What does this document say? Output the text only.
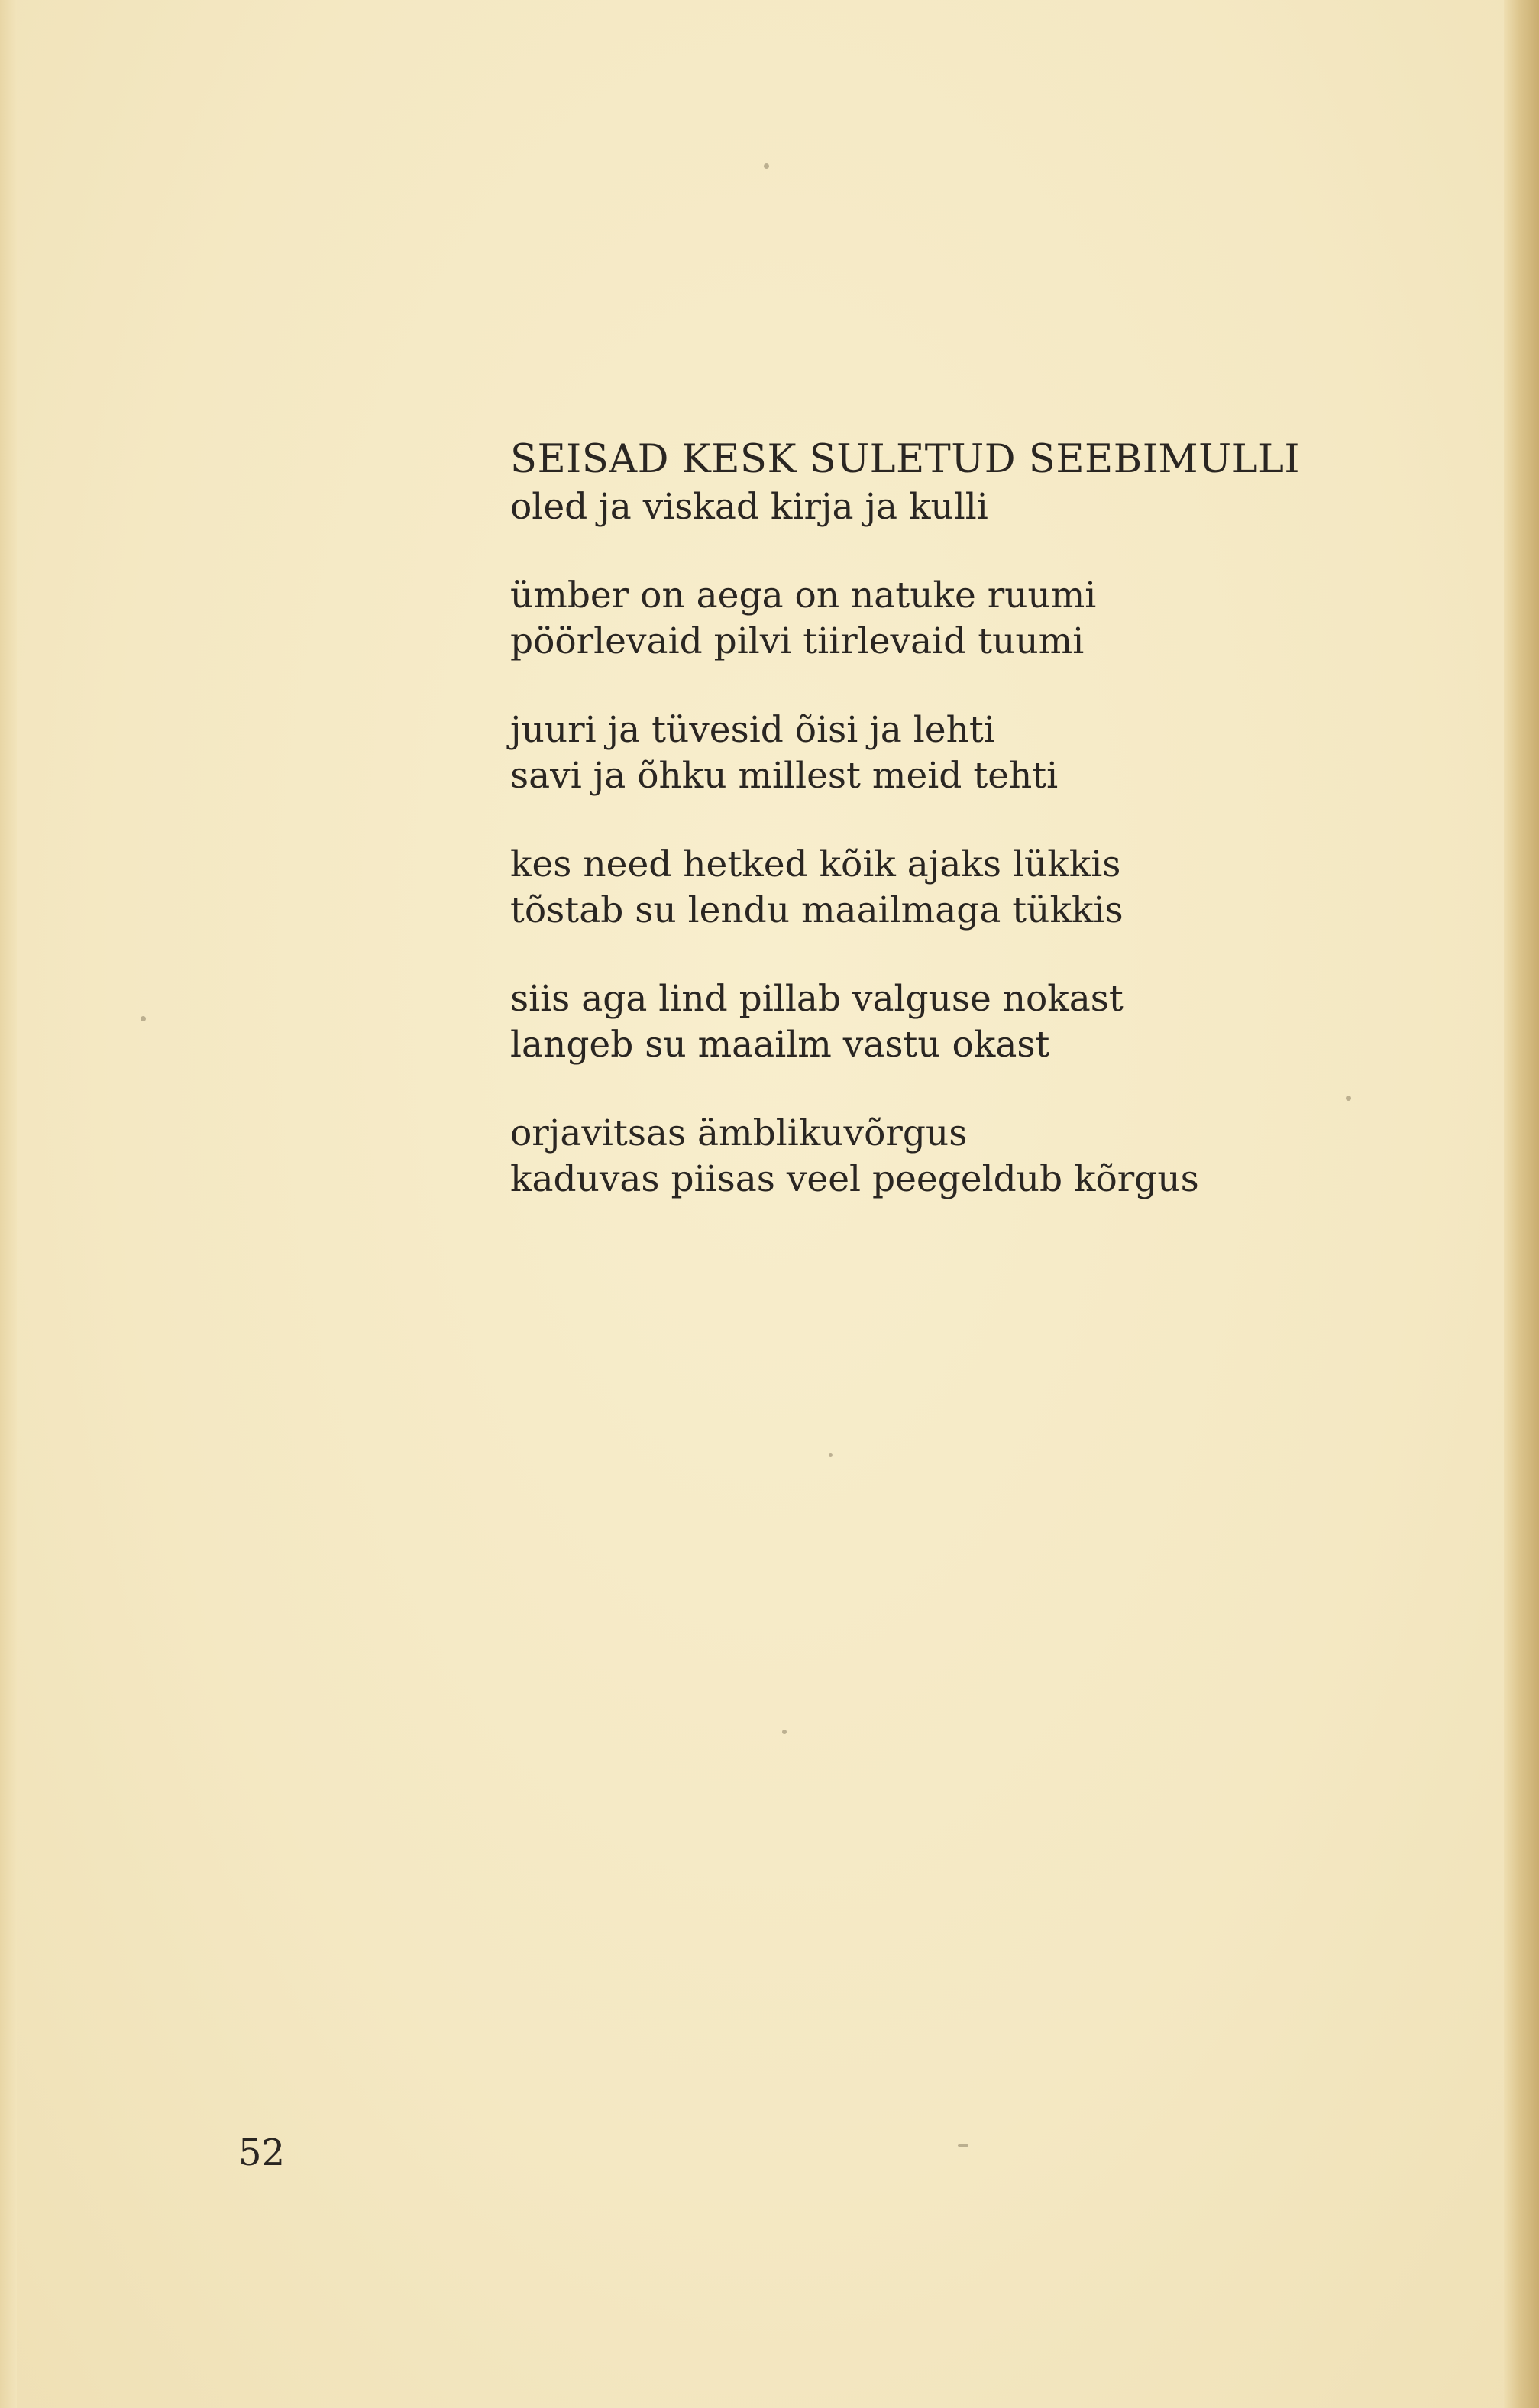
SEISAD KESK SULETUD SEEBIMULLI

oled ja viskad kirja ja kulli

ümber on aega on natuke ruumi

pöörlevaid pilvi tiirlevaid tuumi

juuri ja tüvesid õisi ja lehti

savi ja õhku millest meid tehti

kes need hetked kõik ajaks lükkis

tõstab su lendu maailmaga tükkis

siis aga lind pillab valguse nokast

langeb su maailm vastu okast

orjavitsas ämblikuvõrgus

kaduvas piisas veel peegeldub kõrgus

52
